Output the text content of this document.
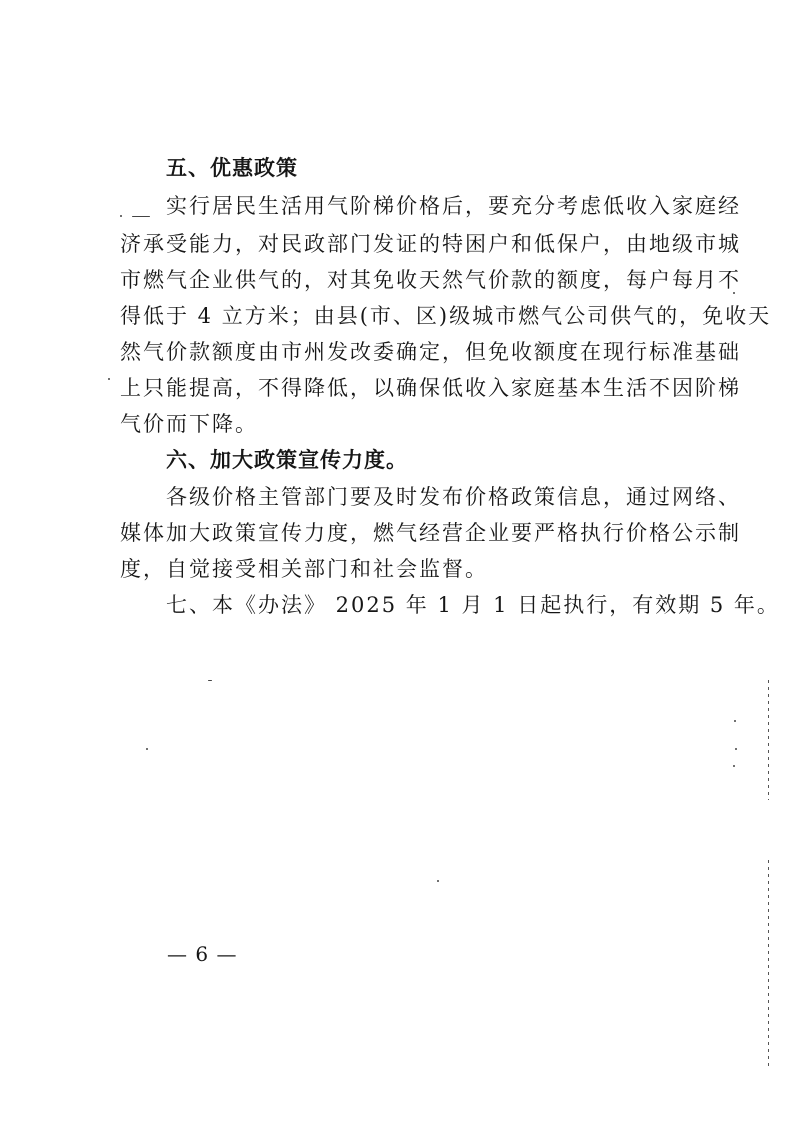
五、优惠政策
实行居民生活用气阶梯价格后，要充分考虑低收入家庭经
济承受能力，对民政部门发证的特困户和低保户，由地级市城
市燃气企业供气的，对其免收天然气价款的额度，每户每月不
得低于 4 立方米；由县(市、区)级城市燃气公司供气的，免收天
然气价款额度由市州发改委确定，但免收额度在现行标准基础
上只能提高，不得降低，以确保低收入家庭基本生活不因阶梯
气价而下降。
六、加大政策宣传力度。
各级价格主管部门要及时发布价格政策信息，通过网络、
媒体加大政策宣传力度，燃气经营企业要严格执行价格公示制
度，自觉接受相关部门和社会监督。
七、本《办法》 2025 年 1 月 1 日起执行，有效期 5 年。
— 6 —
